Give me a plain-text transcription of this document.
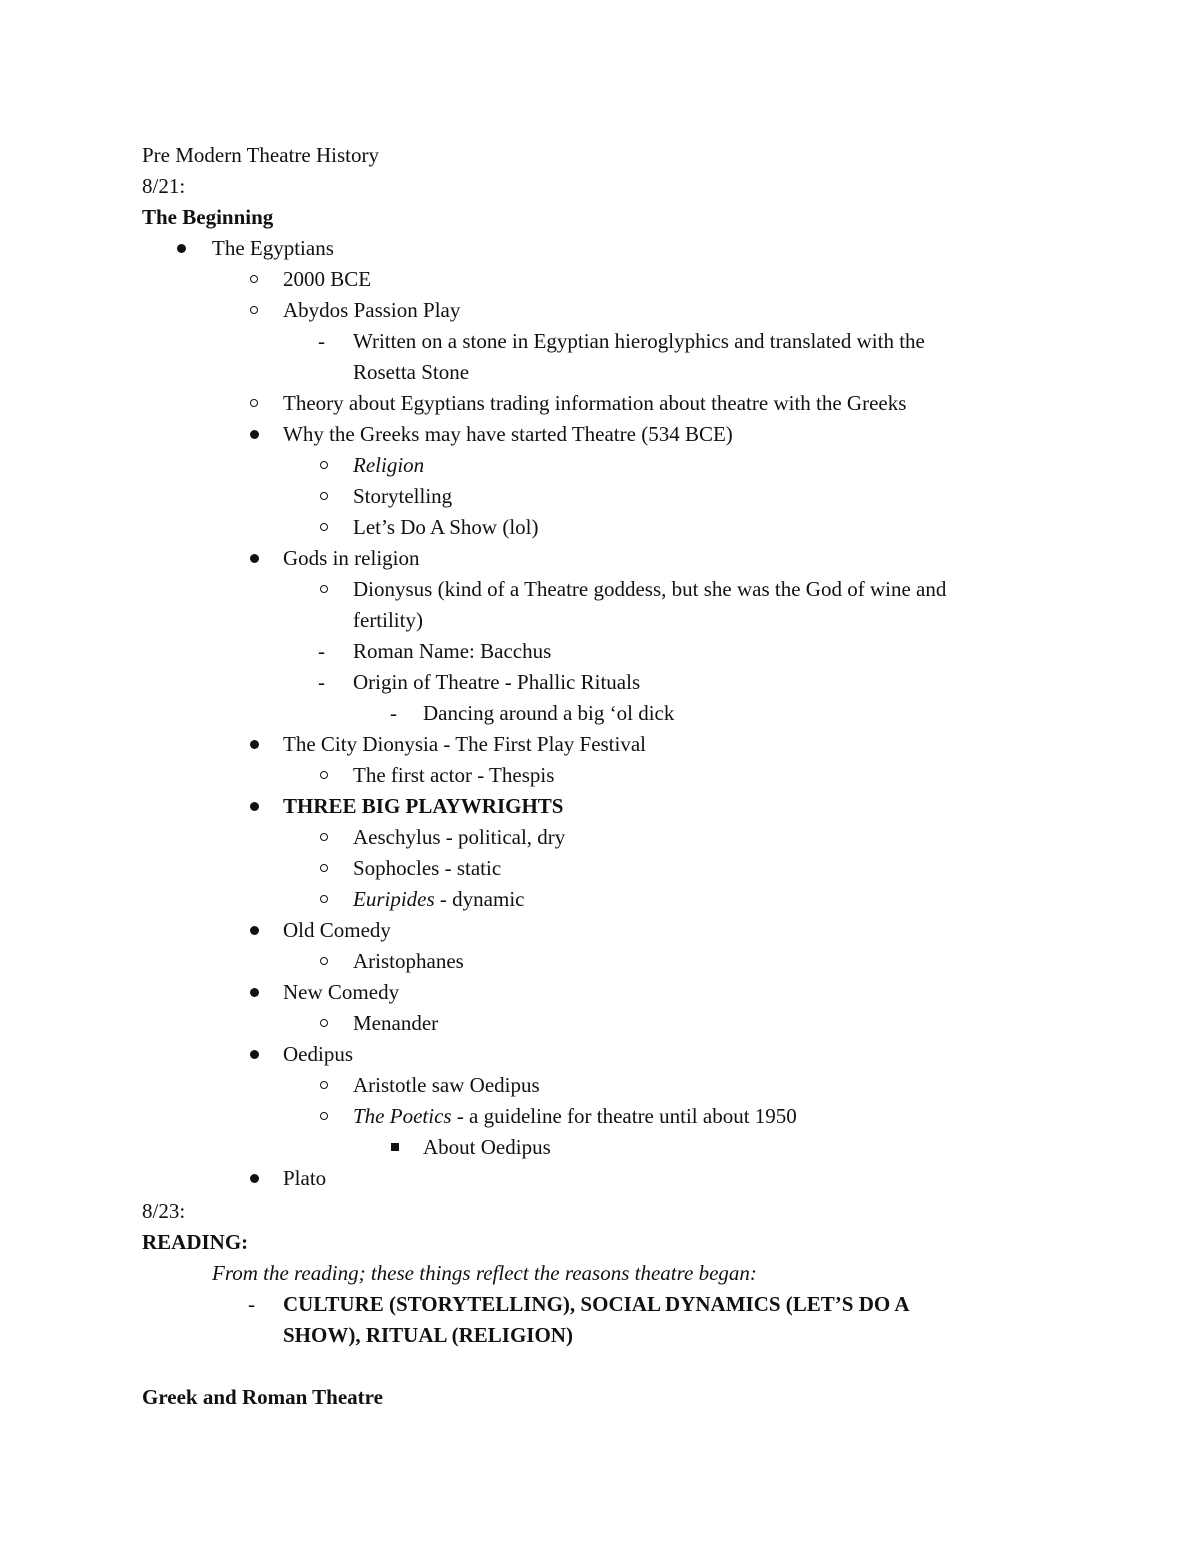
Pre Modern Theatre History
8/21:
The Beginning
The Egyptians
2000 BCE
Abydos Passion Play
- Written on a stone in Egyptian hieroglyphics and translated with the
Rosetta Stone
Theory about Egyptians trading information about theatre with the Greeks
Why the Greeks may have started Theatre (534 BCE)
Religion
Storytelling
Let’s Do A Show (lol)
Gods in religion
Dionysus (kind of a Theatre goddess, but she was the God of wine and
fertility)
- Roman Name: Bacchus
- Origin of Theatre - Phallic Rituals
- Dancing around a big ‘ol dick
The City Dionysia - The First Play Festival
The first actor - Thespis
THREE BIG PLAYWRIGHTS
Aeschylus - political, dry
Sophocles - static
Euripides - dynamic
Old Comedy
Aristophanes
New Comedy
Menander
Oedipus
Aristotle saw Oedipus
The Poetics - a guideline for theatre until about 1950
About Oedipus
Plato
8/23:
READING:
From the reading; these things reflect the reasons theatre began:
- CULTURE (STORYTELLING), SOCIAL DYNAMICS (LET’S DO A
SHOW), RITUAL (RELIGION)
Greek and Roman Theatre
